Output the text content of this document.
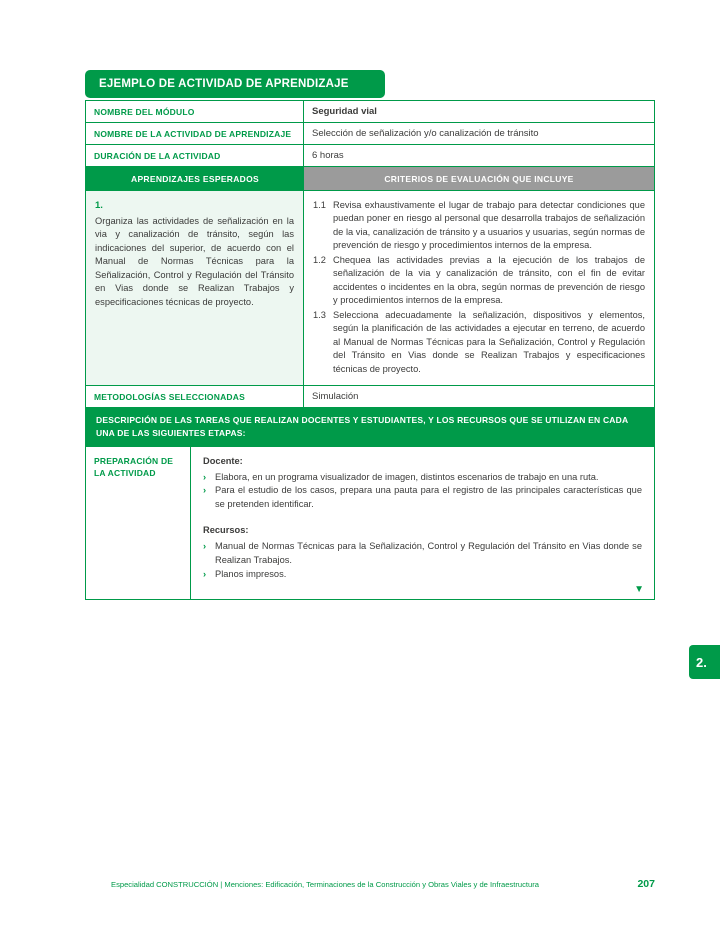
EJEMPLO DE ACTIVIDAD DE APRENDIZAJE
NOMBRE DEL MÓDULO	Seguridad vial
NOMBRE DE LA ACTIVIDAD DE APRENDIZAJE	Selección de señalización y/o canalización de tránsito
DURACIÓN DE LA ACTIVIDAD	6 horas
APRENDIZAJES ESPERADOS	CRITERIOS DE EVALUACIÓN QUE INCLUYE
1.
Organiza las actividades de señalización en la via y canalización de tránsito, según las indicaciones del superior, de acuerdo con el Manual de Normas Técnicas para la Señalización, Control y Regulación del Tránsito en Vias donde se Realizan Trabajos y especificaciones técnicas de proyecto.
1.1 Revisa exhaustivamente el lugar de trabajo para detectar condiciones que puedan poner en riesgo al personal que desarrolla trabajos de señalización de la via, canalización de tránsito y a usuarios y usuarias, según normas de prevención de riesgo y procedimientos internos de la empresa.
1.2 Chequea las actividades previas a la ejecución de los trabajos de señalización de la via y canalización de tránsito, con el fin de evitar accidentes o incidentes en la obra, según normas de prevención de riesgo y procedimientos internos de la empresa.
1.3 Selecciona adecuadamente la señalización, dispositivos y elementos, según la planificación de las actividades a ejecutar en terreno, de acuerdo al Manual de Normas Técnicas para la Señalización, Control y Regulación del Tránsito en Vias donde se Realizan Trabajos y especificaciones técnicas de proyecto.
METODOLOGÍAS SELECCIONADAS	Simulación
DESCRIPCIÓN DE LAS TAREAS QUE REALIZAN DOCENTES Y ESTUDIANTES, Y LOS RECURSOS QUE SE UTILIZAN EN CADA UNA DE LAS SIGUIENTES ETAPAS:
PREPARACIÓN DE LA ACTIVIDAD
Docente:
› Elabora, en un programa visualizador de imagen, distintos escenarios de trabajo en una ruta.
› Para el estudio de los casos, prepara una pauta para el registro de las principales características que se pretenden identificar.
Recursos:
› Manual de Normas Técnicas para la Señalización, Control y Regulación del Tránsito en Vias donde se Realizan Trabajos.
› Planos impresos.
▼
2.
Especialidad CONSTRUCCIÓN | Menciones: Edificación, Terminaciones de la Construcción y Obras Viales y de Infraestructura	207
